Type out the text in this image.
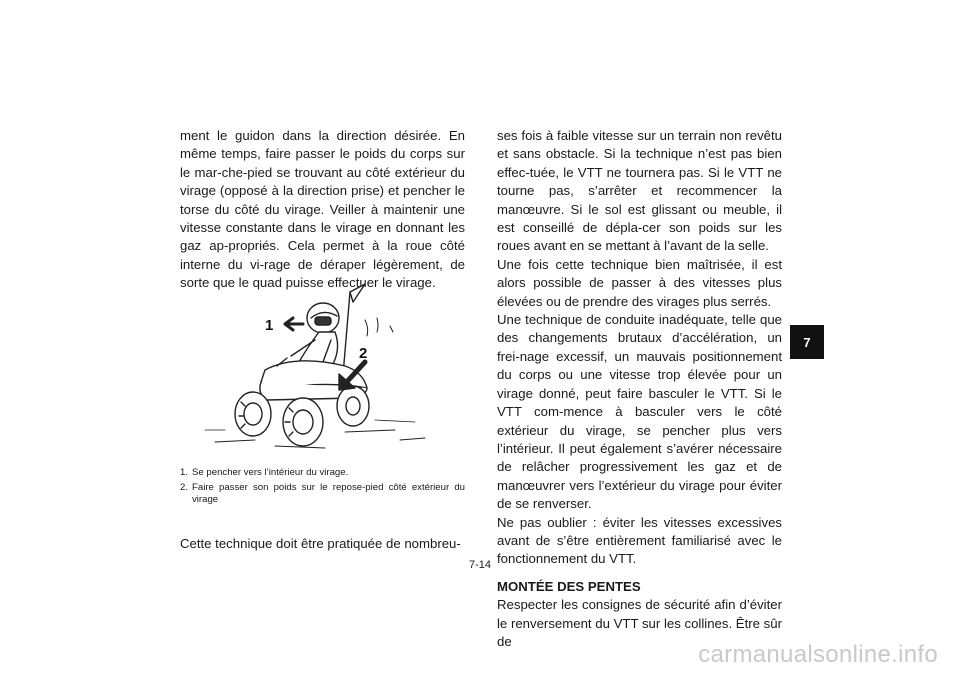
ment le guidon dans la direction désirée. En même temps, faire passer le poids du corps sur le mar-che-pied se trouvant au côté extérieur du virage (opposé à la direction prise) et pencher le torse du côté du virage. Veiller à maintenir une vitesse constante dans le virage en donnant les gaz ap-propriés. Cela permet à la roue côté interne du vi-rage de déraper légèrement, de sorte que le quad puisse effectuer le virage.

1
2
1. Se pencher vers l’intérieur du virage.
2. Faire passer son poids sur le repose-pied côté extérieur du virage
Cette technique doit être pratiquée de nombreu-

ses fois à faible vitesse sur un terrain non revêtu et sans obstacle. Si la technique n’est pas bien effec-tuée, le VTT ne tournera pas. Si le VTT ne tourne pas, s’arrêter et recommencer la manœuvre. Si le sol est glissant ou meuble, il est conseillé de dépla-cer son poids sur les roues avant en se mettant à l’avant de la selle.

Une fois cette technique bien maîtrisée, il est alors possible de passer à des vitesses plus élevées ou de prendre des virages plus serrés.

Une technique de conduite inadéquate, telle que des changements brutaux d’accélération, un frei-nage excessif, un mauvais positionnement du corps ou une vitesse trop élevée pour un virage donné, peut faire basculer le VTT. Si le VTT com-mence à basculer vers le côté extérieur du virage, se pencher plus vers l’intérieur. Il peut également s’avérer nécessaire de relâcher progressivement les gaz et de manœuvrer vers l’extérieur du virage pour éviter de se renverser.

Ne pas oublier : éviter les vitesses excessives avant de s’être entièrement familiarisé avec le fonctionnement du VTT.

MONTÉE DES PENTES

Respecter les consignes de sécurité afin d’éviter le renversement du VTT sur les collines. Être sûr de

7
7-14
carmanualsonline.info
